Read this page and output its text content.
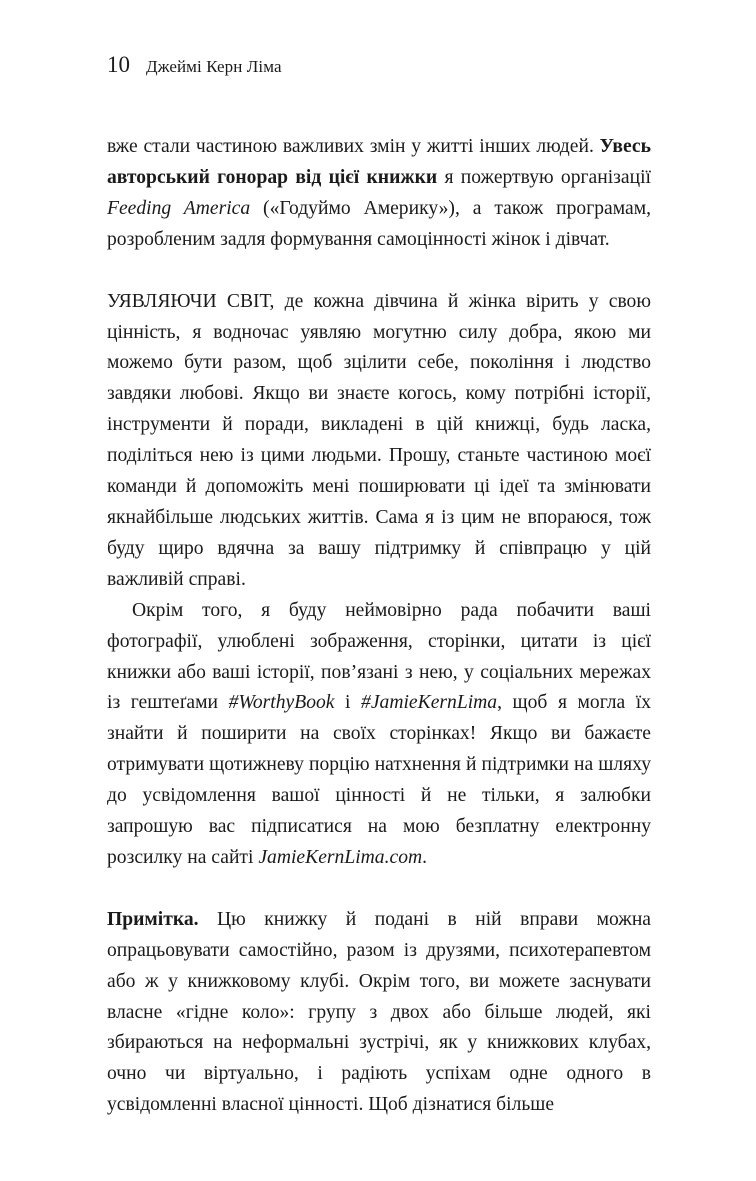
10 Джеймі Керн Ліма

вже стали частиною важливих змін у житті інших людей. Увесь авторський гонорар від цієї книжки я пожертвую організації Feeding America («Годуймо Америку»), а також програмам, розробленим задля формування самоцінності жінок і дівчат.

УЯВЛЯЮЧИ СВІТ, де кожна дівчина й жінка вірить у свою цінність, я водночас уявляю могутню силу добра, якою ми можемо бути разом, щоб зцілити себе, покоління і людство завдяки любові. Якщо ви знаєте когось, кому потрібні історії, інструменти й поради, викладені в цій книжці, будь ласка, поділіться нею із цими людьми. Прошу, станьте частиною моєї команди й допоможіть мені поширювати ці ідеї та змінювати якнайбільше людських життів. Сама я із цим не впораюся, тож буду щиро вдячна за вашу підтримку й співпрацю у цій важливій справі.

Окрім того, я буду неймовірно рада побачити ваші фотографії, улюблені зображення, сторінки, цитати із цієї книжки або ваші історії, пов’язані з нею, у соціальних мережах із гештеґами #WorthyBook і #JamieKernLima, щоб я могла їх знайти й поширити на своїх сторінках! Якщо ви бажаєте отримувати щотижневу порцію натхнення й підтримки на шляху до усвідомлення вашої цінності й не тільки, я залюбки запрошую вас підписатися на мою безплатну електронну розсилку на сайті JamieKernLima.com.

Примітка. Цю книжку й подані в ній вправи можна опрацьовувати самостійно, разом із друзями, психотерапевтом або ж у книжковому клубі. Окрім того, ви можете заснувати власне «гідне коло»: групу з двох або більше людей, які збираються на неформальні зустрічі, як у книжкових клубах, очно чи віртуально, і радіють успіхам одне одного в усвідомленні власної цінності. Щоб дізнатися більше
